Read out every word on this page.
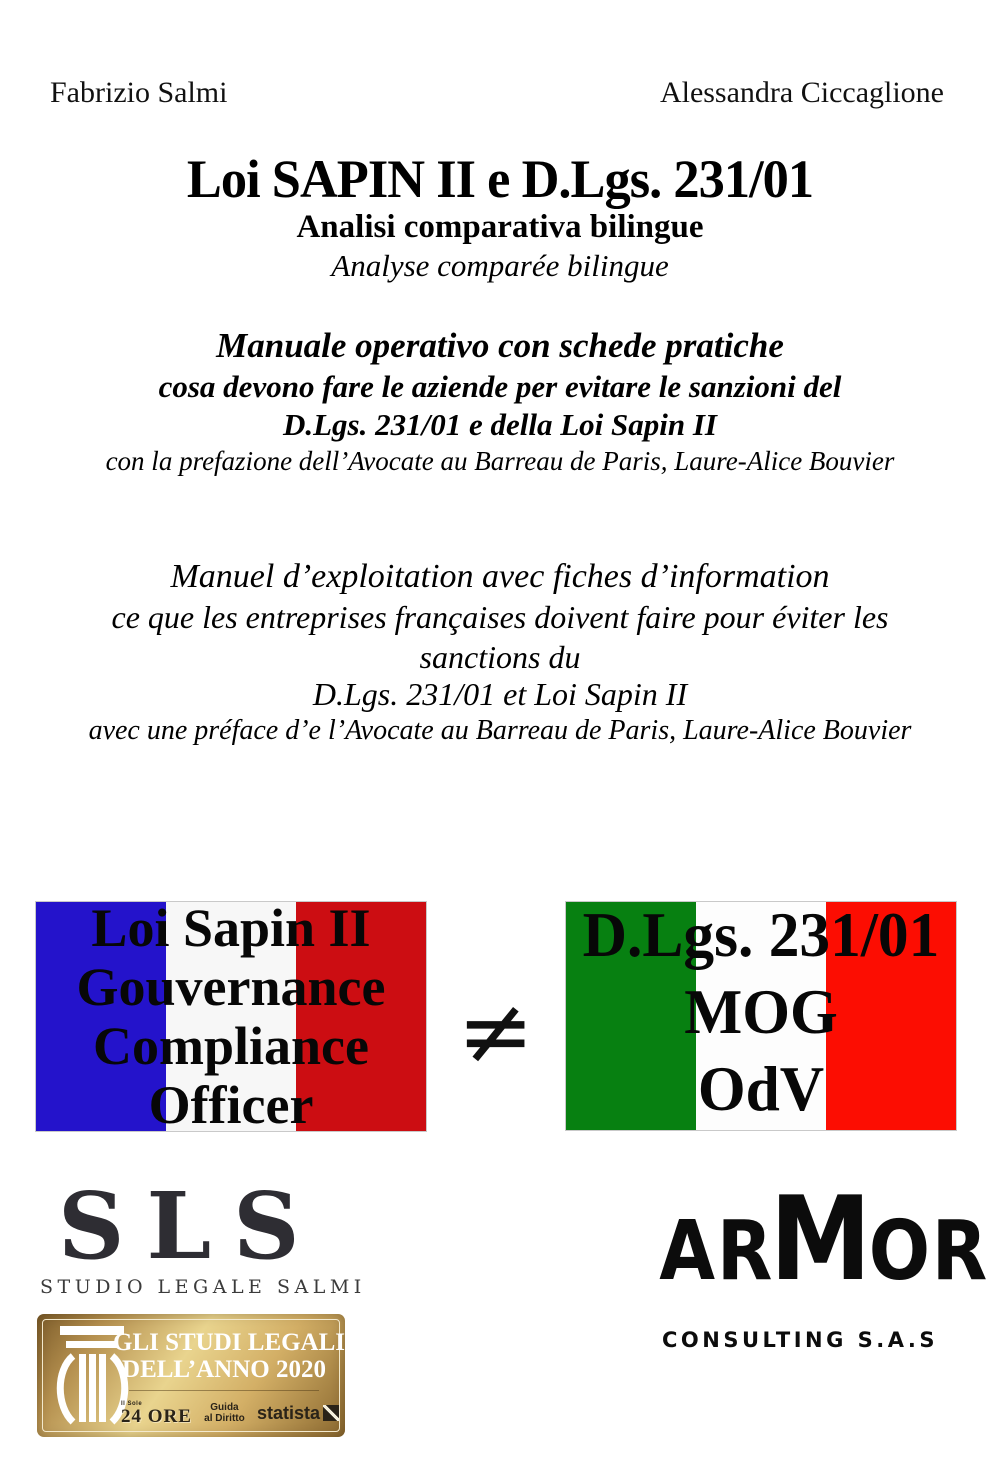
Fabrizio Salmi	Alessandra Ciccaglione
Loi SAPIN II e D.Lgs. 231/01
Analisi comparativa bilingue
Analyse comparée bilingue
Manuale operativo con schede pratiche
cosa devono fare le aziende per evitare le sanzioni del
D.Lgs. 231/01 e della Loi Sapin II
con la prefazione dell’Avocate au Barreau de Paris, Laure-Alice Bouvier
Manuel d’exploitation avec fiches d’information
ce que les entreprises françaises doivent faire pour éviter les
sanctions du
D.Lgs. 231/01 et Loi Sapin II
avec une préface d’e l’Avocate au Barreau de Paris, Laure-Alice Bouvier
Loi Sapin II
Gouvernance
Compliance
Officer
≠
D.Lgs. 231/01
MOG
OdV
SLS
STUDIO LEGALE SALMI
GLI STUDI LEGALI
DELL’ANNO 2020
Il Sole
24 ORE	Guida
al Diritto statista
ARMOR
CONSULTING S.A.S
